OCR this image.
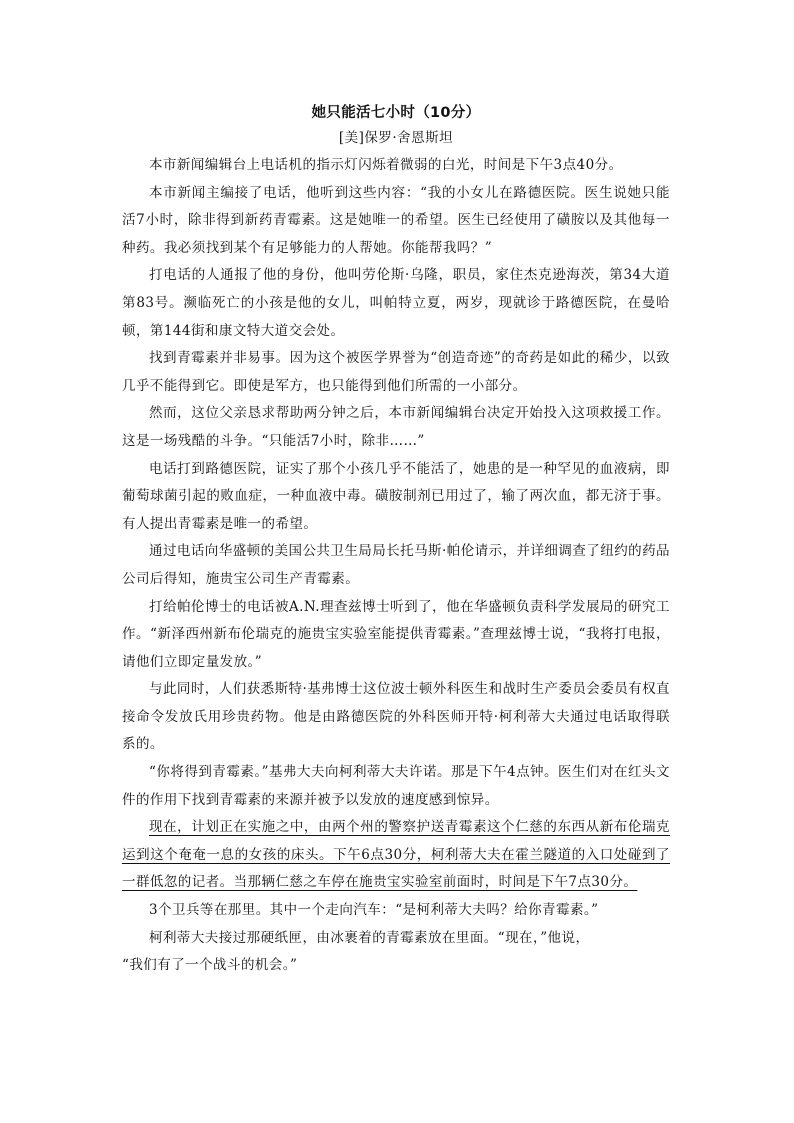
她只能活七小时（10分）

[美]保罗·舍恩斯坦

本市新闻编辑台上电话机的指示灯闪烁着微弱的白光，时间是下午3点40分。

本市新闻主编接了电话，他听到这些内容：“我的小女儿在路德医院。医生说她只能活7小时，除非得到新药青霉素。这是她唯一的希望。医生已经使用了磺胺以及其他每一种药。我必须找到某个有足够能力的人帮她。你能帮我吗？”

打电话的人通报了他的身份，他叫劳伦斯·乌隆，职员，家住杰克逊海茨，第34大道第83号。濒临死亡的小孩是他的女儿，叫帕特立夏，两岁，现就诊于路德医院，在曼哈顿，第144街和康文特大道交会处。

找到青霉素并非易事。因为这个被医学界誉为“创造奇迹”的奇药是如此的稀少，以致几乎不能得到它。即使是军方，也只能得到他们所需的一小部分。

然而，这位父亲恳求帮助两分钟之后，本市新闻编辑台决定开始投入这项救援工作。这是一场残酷的斗争。“只能活7小时，除非……”

电话打到路德医院，证实了那个小孩几乎不能活了，她患的是一种罕见的血液病，即葡萄球菌引起的败血症，一种血液中毒。磺胺制剂已用过了，输了两次血，都无济于事。有人提出青霉素是唯一的希望。

通过电话向华盛顿的美国公共卫生局局长托马斯·帕伦请示，并详细调查了纽约的药品公司后得知，施贵宝公司生产青霉素。

打给帕伦博士的电话被A.N.理查兹博士听到了，他在华盛顿负责科学发展局的研究工作。“新泽西州新布伦瑞克的施贵宝实验室能提供青霉素。”查理兹博士说，“我将打电报，请他们立即定量发放。”

与此同时，人们获悉斯特·基弗博士这位波士顿外科医生和战时生产委员会委员有权直接命令发放氏用珍贵药物。他是由路德医院的外科医师开特·柯利蒂大夫通过电话取得联系的。

“你将得到青霉素。”基弗大夫向柯利蒂大夫许诺。那是下午4点钟。医生们对在红头文件的作用下找到青霉素的来源并被予以发放的速度感到惊异。

现在，计划正在实施之中，由两个州的警察护送青霉素这个仁慈的东西从新布伦瑞克运到这个奄奄一息的女孩的床头。下午6点30分，柯利蒂大夫在霍兰隧道的入口处碰到了一群低忽的记者。当那辆仁慈之车停在施贵宝实验室前面时，时间是下午7点30分。

3个卫兵等在那里。其中一个走向汽车：“是柯利蒂大夫吗？给你青霉素。”

柯利蒂大夫接过那硬纸匣，由冰裹着的青霉素放在里面。“现在，”他说，

“我们有了一个战斗的机会。”
